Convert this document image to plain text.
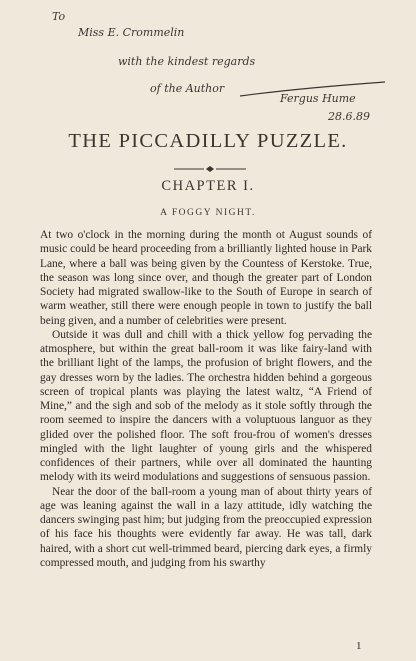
To
Miss E. Crommelin
with the kindest regards
of the Author
Fergus Hume
28.6.89
THE PICCADILLY PUZZLE.
CHAPTER I.
A FOGGY NIGHT.

At two o'clock in the morning during the month ot August sounds of music could be heard proceeding from a brilliantly lighted house in Park Lane, where a ball was being given by the Countess of Kerstoke. True, the season was long since over, and though the greater part of London Society had migrated swallow-like to the South of Europe in search of warm weather, still there were enough people in town to justify the ball being given, and a number of celebrities were present.

Outside it was dull and chill with a thick yellow fog pervading the atmosphere, but within the great ball-room it was like fairy-land with the brilliant light of the lamps, the profusion of bright flowers, and the gay dresses worn by the ladies. The orchestra hidden behind a gorgeous screen of tropical plants was playing the latest waltz, “A Friend of Mine,” and the sigh and sob of the melody as it stole softly through the room seemed to inspire the dancers with a voluptuous languor as they glided over the polished floor. The soft frou-frou of women's dresses mingled with the light laughter of young girls and the whispered confidences of their partners, while over all dominated the haunting melody with its weird modulations and suggestions of sensuous passion.

Near the door of the ball-room a young man of about thirty years of age was leaning against the wall in a lazy attitude, idly watching the dancers swinging past him; but judging from the preoccupied expression of his face his thoughts were evidently far away. He was tall, dark haired, with a short cut well-trimmed beard, piercing dark eyes, a firmly compressed mouth, and judging from his swarthy

1
